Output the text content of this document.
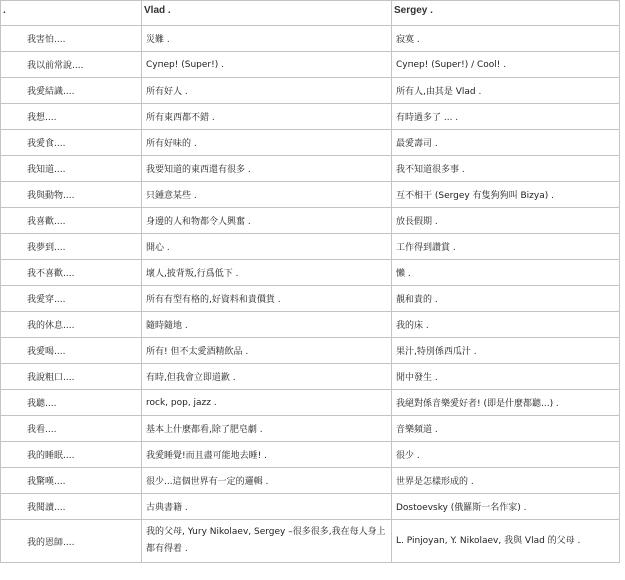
.	Vlad .	Sergey .
我害怕....	災難 .	寂寞 .
我以前常說....	Супер! (Super!) .	Супер! (Super!) / Cool! .
我愛結識....	所有好人 .	所有人,由其是 Vlad .
我想....	所有東西都不錯 .	有時過多了 ... .
我愛食....	所有好味的 .	最愛壽司 .
我知道....	我要知道的東西還有很多 .	我不知道很多事 .
我與動物....	只鍾意某些 .	互不相干 (Sergey 有隻狗狗叫 Bizya) .
我喜歡....	身邊的人和物都令人興奮 .	放長假期 .
我夢到....	開心 .	工作得到讚賞 .
我不喜歡....	壞人,披背叛,行爲低下 .	懶 .
我愛穿....	所有有型有格的,好資料和貴價貨 .	靚和貴的 .
我的休息....	隨時隨地 .	我的床 .
我愛喝....	所有! 但不太愛酒精飲品 .	果汁,特別係西瓜汁 .
我說粗口....	有時,但我會立即道歉 .	閒中發生 .
我聽....	rock, pop, jazz .	我絕對係音樂愛好者! (即是什麼都聽...) .
我看....	基本上什麼都看,除了肥皂劇 .	音樂頻道 .
我的睡眠....	我愛睡覺!而且盡可能地去睡! .	很少 .
我驚嘆....	很少...這個世界有一定的邏輯 .	世界是怎樣形成的 .
我閱讀....	古典書籍 .	Dostoevsky (俄羅斯一名作家) .
我的恩師....	我的父母, Yury Nikolaev, Sergey –很多很多,我在每人身上都有得着 .	L. Pinjoyan, Y. Nikolaev, 我與 Vlad 的父母 .
